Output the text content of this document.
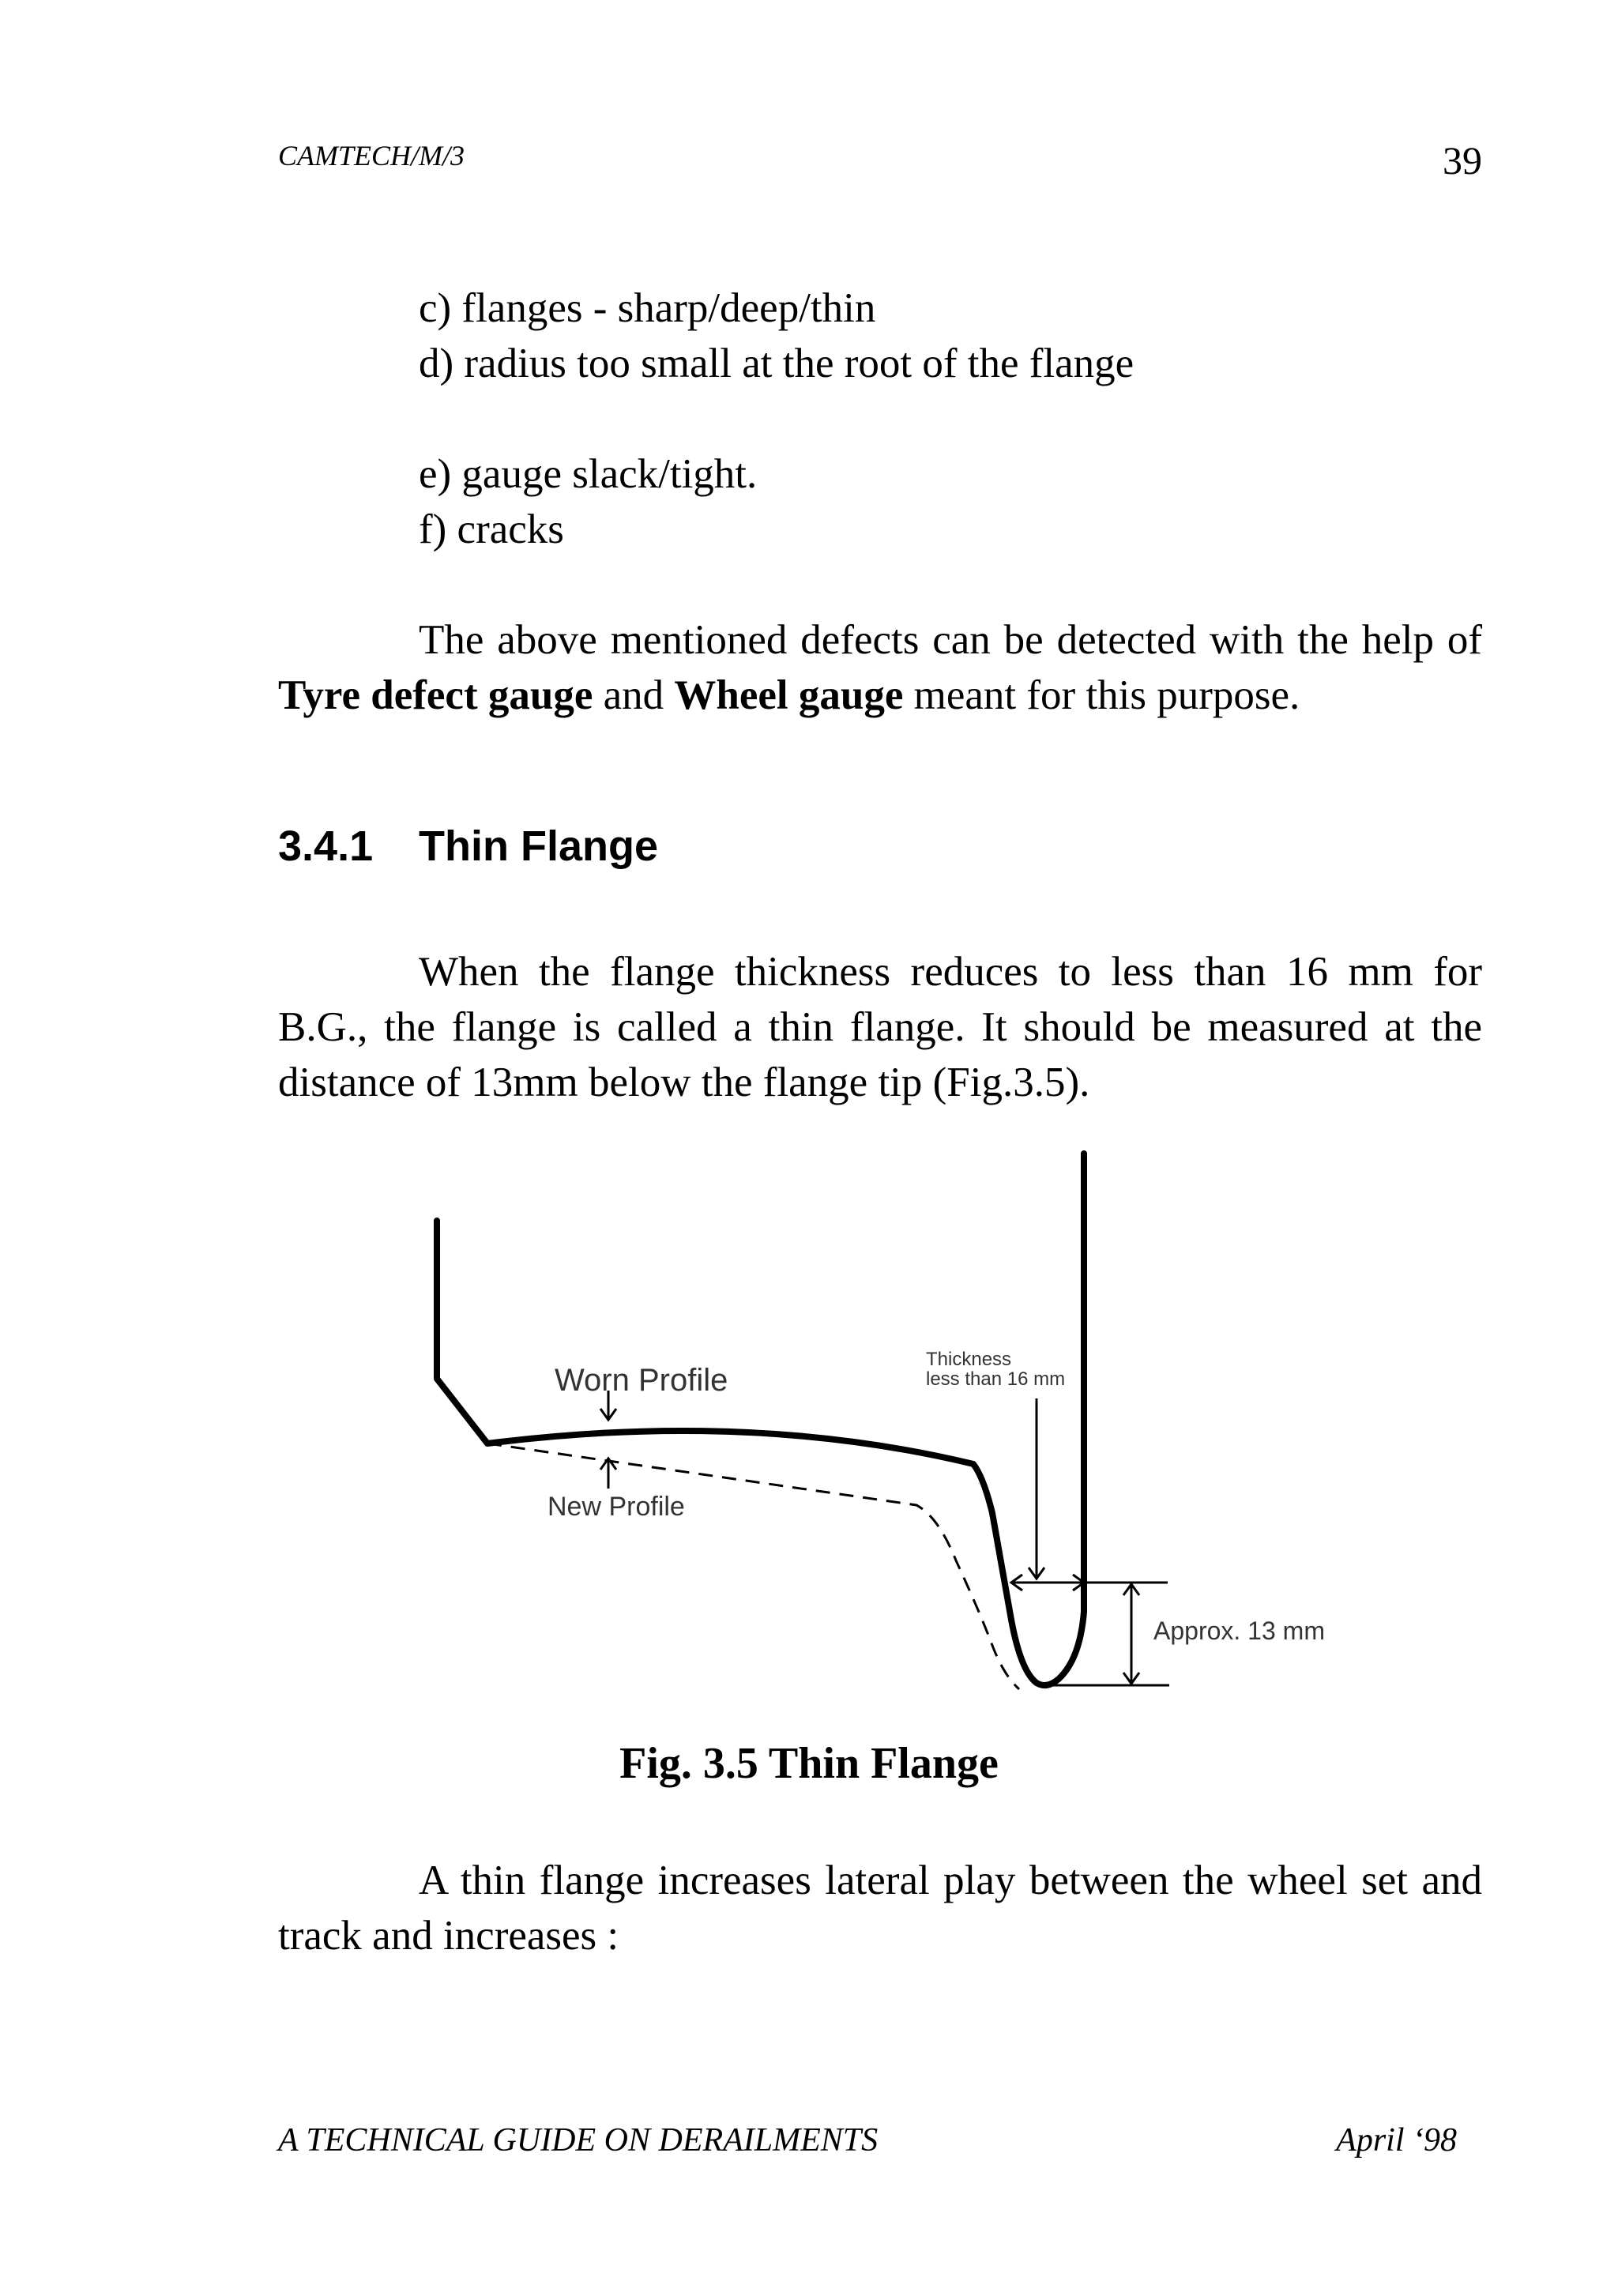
CAMTECH/M/3	39
c) flanges - sharp/deep/thin
d) radius too small at the root of the flange
e) gauge slack/tight.
f) cracks

The above mentioned defects can be detected with the help of Tyre defect gauge and Wheel gauge meant for this purpose.

3.4.1 Thin Flange

When the flange thickness reduces to less than 16 mm for B.G., the flange is called a thin flange. It should be measured at the distance of 13mm below the flange tip (Fig.3.5).

Worn Profile
New Profile
Thickness
less than 16 mm
Approx. 13 mm
Fig. 3.5 Thin Flange

A thin flange increases lateral play between the wheel set and track and increases :

A TECHNICAL GUIDE ON DERAILMENTS	April ‘98
